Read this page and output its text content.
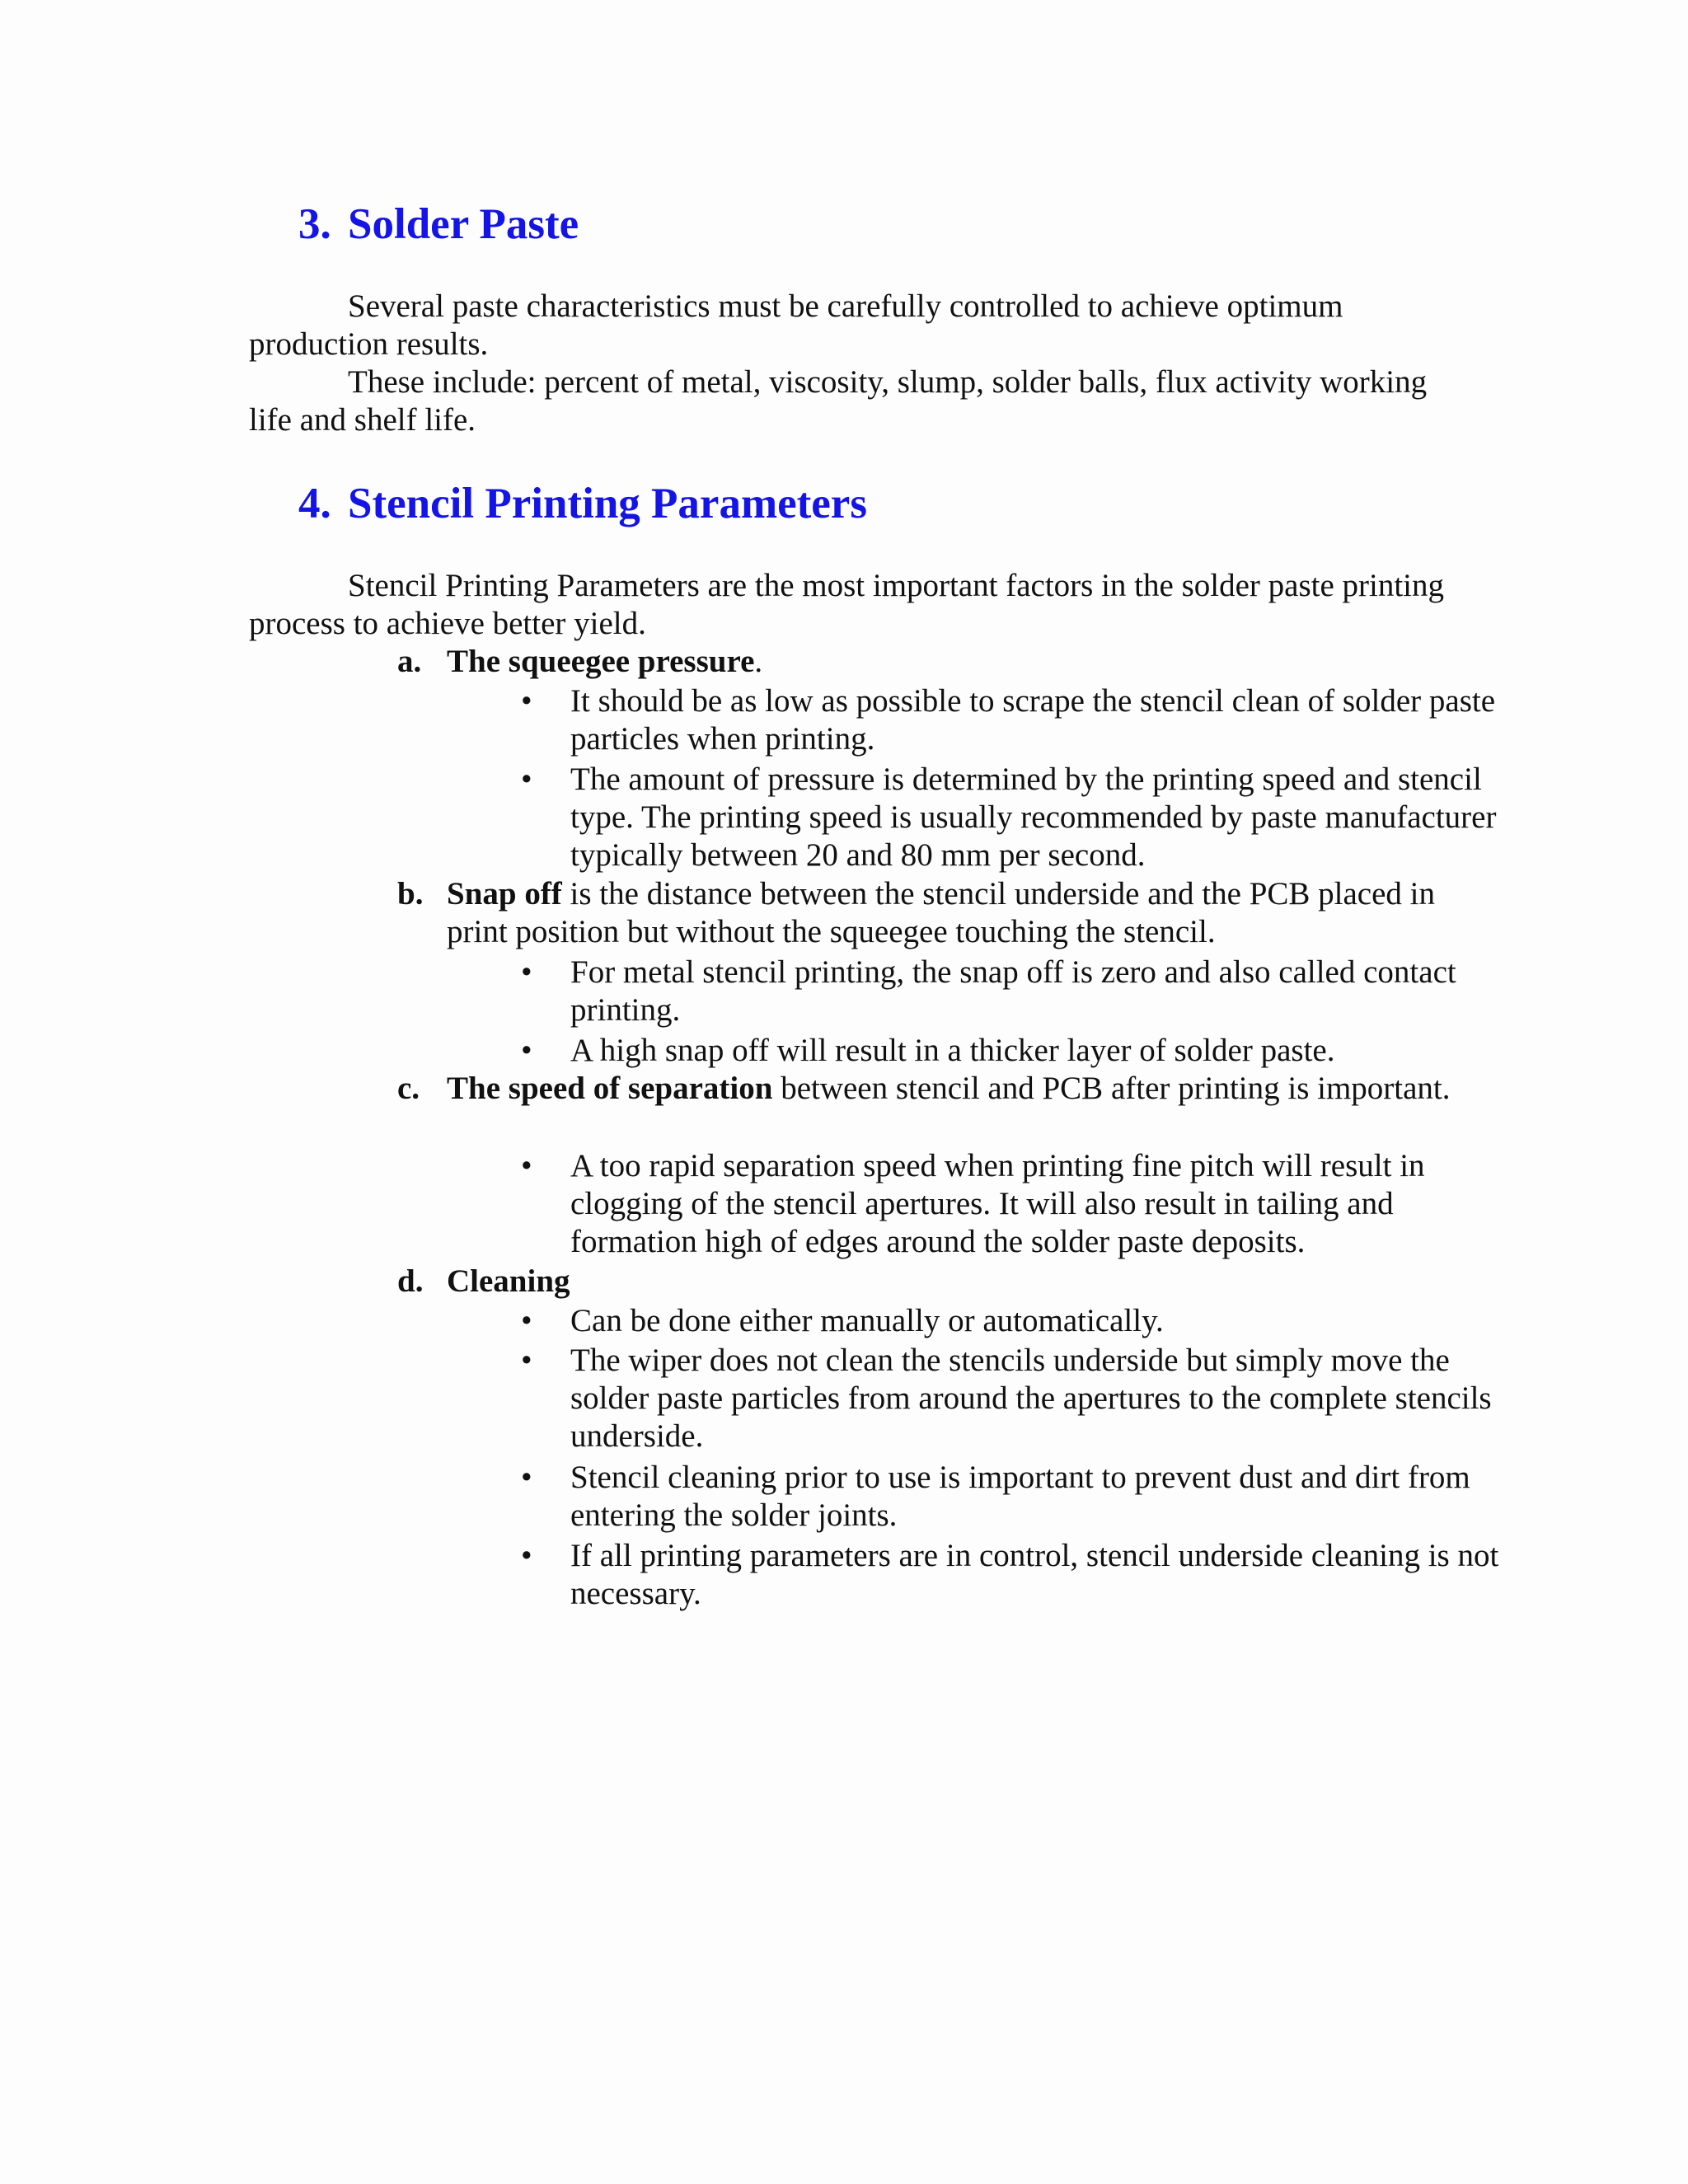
3. Solder Paste

Several paste characteristics must be carefully controlled to achieve optimum production results.

These include: percent of metal, viscosity, slump, solder balls, flux activity working life and shelf life.

4. Stencil Printing Parameters

Stencil Printing Parameters are the most important factors in the solder paste printing process to achieve better yield.

a. The squeegee pressure.

• It should be as low as possible to scrape the stencil clean of solder paste particles when printing.

• The amount of pressure is determined by the printing speed and stencil type. The printing speed is usually recommended by paste manufacturer typically between 20 and 80 mm per second.

b. Snap off is the distance between the stencil underside and the PCB placed in print position but without the squeegee touching the stencil.

• For metal stencil printing, the snap off is zero and also called contact printing.

• A high snap off will result in a thicker layer of solder paste.

c. The speed of separation between stencil and PCB after printing is important.

• A too rapid separation speed when printing fine pitch will result in clogging of the stencil apertures. It will also result in tailing and formation high of edges around the solder paste deposits.

d. Cleaning

• Can be done either manually or automatically.

• The wiper does not clean the stencils underside but simply move the solder paste particles from around the apertures to the complete stencils underside.

• Stencil cleaning prior to use is important to prevent dust and dirt from entering the solder joints.

• If all printing parameters are in control, stencil underside cleaning is not necessary.
